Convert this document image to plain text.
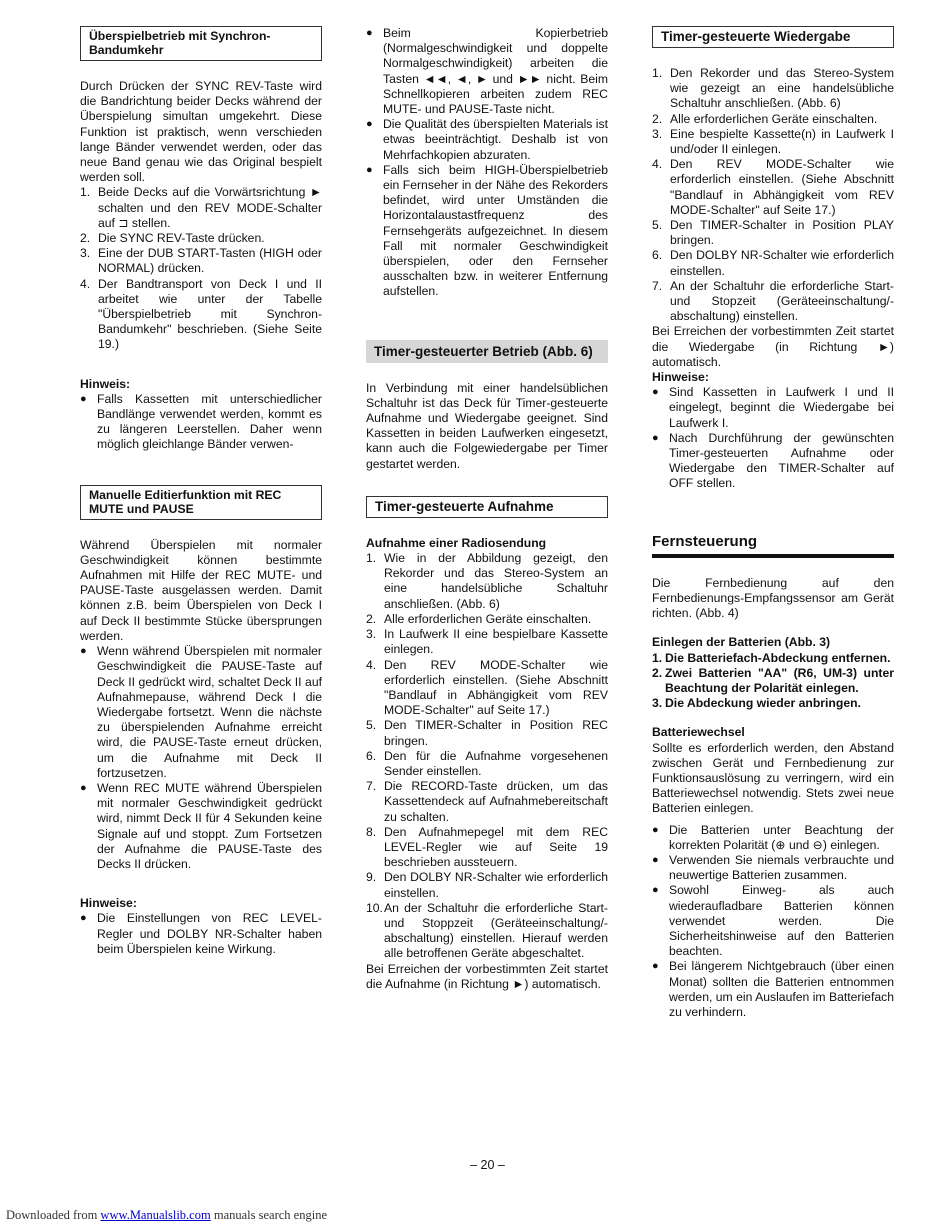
Überspielbetrieb mit Synchron-Bandumkehr

Durch Drücken der SYNC REV-Taste wird die Bandrichtung beider Decks während der Überspielung simultan umgekehrt. Diese Funktion ist praktisch, wenn verschieden lange Bänder verwendet werden, oder das neue Band genau wie das Original bespielt werden soll.

1. Beide Decks auf die Vorwärtsrichtung ► schalten und den REV MODE-Schalter auf ⊐ stellen.
2. Die SYNC REV-Taste drücken.
3. Eine der DUB START-Tasten (HIGH oder NORMAL) drücken.
4. Der Bandtransport von Deck I und II arbeitet wie unter der Tabelle "Überspielbetrieb mit Synchron-Bandumkehr" beschrieben. (Siehe Seite 19.)
Hinweis:
● Falls Kassetten mit unterschiedlicher Bandlänge verwendet werden, kommt es zu längeren Leerstellen. Daher wenn möglich gleichlange Bänder verwen-
Manuelle Editierfunktion mit REC MUTE und PAUSE

Während Überspielen mit normaler Geschwindigkeit können bestimmte Aufnahmen mit Hilfe der REC MUTE- und PAUSE-Taste ausgelassen werden. Damit können z.B. beim Überspielen von Deck I auf Deck II bestimmte Stücke übersprungen werden.

● Wenn während Überspielen mit normaler Geschwindigkeit die PAUSE-Taste auf Deck II gedrückt wird, schaltet Deck II auf Aufnahmepause, während Deck I die Wiedergabe fortsetzt. Wenn die nächste zu überspielenden Aufnahme erreicht wird, die PAUSE-Taste erneut drücken, um die Aufnahme mit Deck II fortzusetzen.
● Wenn REC MUTE während Überspielen mit normaler Geschwindigkeit gedrückt wird, nimmt Deck II für 4 Sekunden keine Signale auf und stoppt. Zum Fortsetzen der Aufnahme die PAUSE-Taste des Decks II drücken.
Hinweise:
● Die Einstellungen von REC LEVEL-Regler und DOLBY NR-Schalter haben beim Überspielen keine Wirkung.
● Beim Kopierbetrieb (Normalgeschwindigkeit und doppelte Normalgeschwindigkeit) arbeiten die Tasten ◄◄, ◄, ► und ►► nicht. Beim Schnellkopieren arbeiten zudem REC MUTE- und PAUSE-Taste nicht.
● Die Qualität des überspielten Materials ist etwas beeinträchtigt. Deshalb ist von Mehrfachkopien abzuraten.
● Falls sich beim HIGH-Überspielbetrieb ein Fernseher in der Nähe des Rekorders befindet, wird unter Umständen die Horizontalaustastfrequenz des Fernsehgeräts aufgezeichnet. In diesem Fall mit normaler Geschwindigkeit überspielen, oder den Fernseher ausschalten bzw. in weiterer Entfernung aufstellen.
Timer-gesteuerter Betrieb (Abb. 6)

In Verbindung mit einer handelsüblichen Schaltuhr ist das Deck für Timer-gesteuerte Aufnahme und Wiedergabe geeignet. Sind Kassetten in beiden Laufwerken eingesetzt, kann auch die Folgewiedergabe per Timer gestartet werden.

Timer-gesteuerte Aufnahme
Aufnahme einer Radiosendung
1. Wie in der Abbildung gezeigt, den Rekorder und das Stereo-System an eine handelsübliche Schaltuhr anschließen. (Abb. 6)
2. Alle erforderlichen Geräte einschalten.
3. In Laufwerk II eine bespielbare Kassette einlegen.
4. Den REV MODE-Schalter wie erforderlich einstellen. (Siehe Abschnitt "Bandlauf in Abhängigkeit vom REV MODE-Schalter" auf Seite 17.)
5. Den TIMER-Schalter in Position REC bringen.
6. Den für die Aufnahme vorgesehenen Sender einstellen.
7. Die RECORD-Taste drücken, um das Kassettendeck auf Aufnahmebereitschaft zu schalten.
8. Den Aufnahmepegel mit dem REC LEVEL-Regler wie auf Seite 19 beschrieben aussteuern.
9. Den DOLBY NR-Schalter wie erforderlich einstellen.
10. An der Schaltuhr die erforderliche Start- und Stoppzeit (Geräteeinschaltung/-abschaltung) einstellen. Hierauf werden alle betroffenen Geräte abgeschaltet.

Bei Erreichen der vorbestimmten Zeit startet die Aufnahme (in Richtung ►) automatisch.

Timer-gesteuerte Wiedergabe
1. Den Rekorder und das Stereo-System wie gezeigt an eine handelsübliche Schaltuhr anschließen. (Abb. 6)
2. Alle erforderlichen Geräte einschalten.
3. Eine bespielte Kassette(n) in Laufwerk I und/oder II einlegen.
4. Den REV MODE-Schalter wie erforderlich einstellen. (Siehe Abschnitt "Bandlauf in Abhängigkeit vom REV MODE-Schalter" auf Seite 17.)
5. Den TIMER-Schalter in Position PLAY bringen.
6. Den DOLBY NR-Schalter wie erforderlich einstellen.
7. An der Schaltuhr die erforderliche Start- und Stopzeit (Geräteeinschaltung/-abschaltung) einstellen.

Bei Erreichen der vorbestimmten Zeit startet die Wiedergabe (in Richtung ►) automatisch.

Hinweise:
● Sind Kassetten in Laufwerk I und II eingelegt, beginnt die Wiedergabe bei Laufwerk I.
● Nach Durchführung der gewünschten Timer-gesteuerten Aufnahme oder Wiedergabe den TIMER-Schalter auf OFF stellen.
Fernsteuerung

Die Fernbedienung auf den Fernbedienungs-Empfangssensor am Gerät richten. (Abb. 4)

Einlegen der Batterien (Abb. 3)
1. Die Batteriefach-Abdeckung entfernen.
2. Zwei Batterien "AA" (R6, UM-3) unter Beachtung der Polarität einlegen.
3. Die Abdeckung wieder anbringen.
Batteriewechsel

Sollte es erforderlich werden, den Abstand zwischen Gerät und Fernbedienung zur Funktionsauslösung zu verringern, wird ein Batteriewechsel notwendig. Stets zwei neue Batterien einlegen.

● Die Batterien unter Beachtung der korrekten Polarität (⊕ und ⊖) einlegen.
● Verwenden Sie niemals verbrauchte und neuwertige Batterien zusammen.
● Sowohl Einweg- als auch wiederaufladbare Batterien können verwendet werden. Die Sicherheitshinweise auf den Batterien beachten.
● Bei längerem Nichtgebrauch (über einen Monat) sollten die Batterien entnommen werden, um ein Auslaufen im Batteriefach zu verhindern.
– 20 –
Downloaded from www.Manualslib.com manuals search engine
